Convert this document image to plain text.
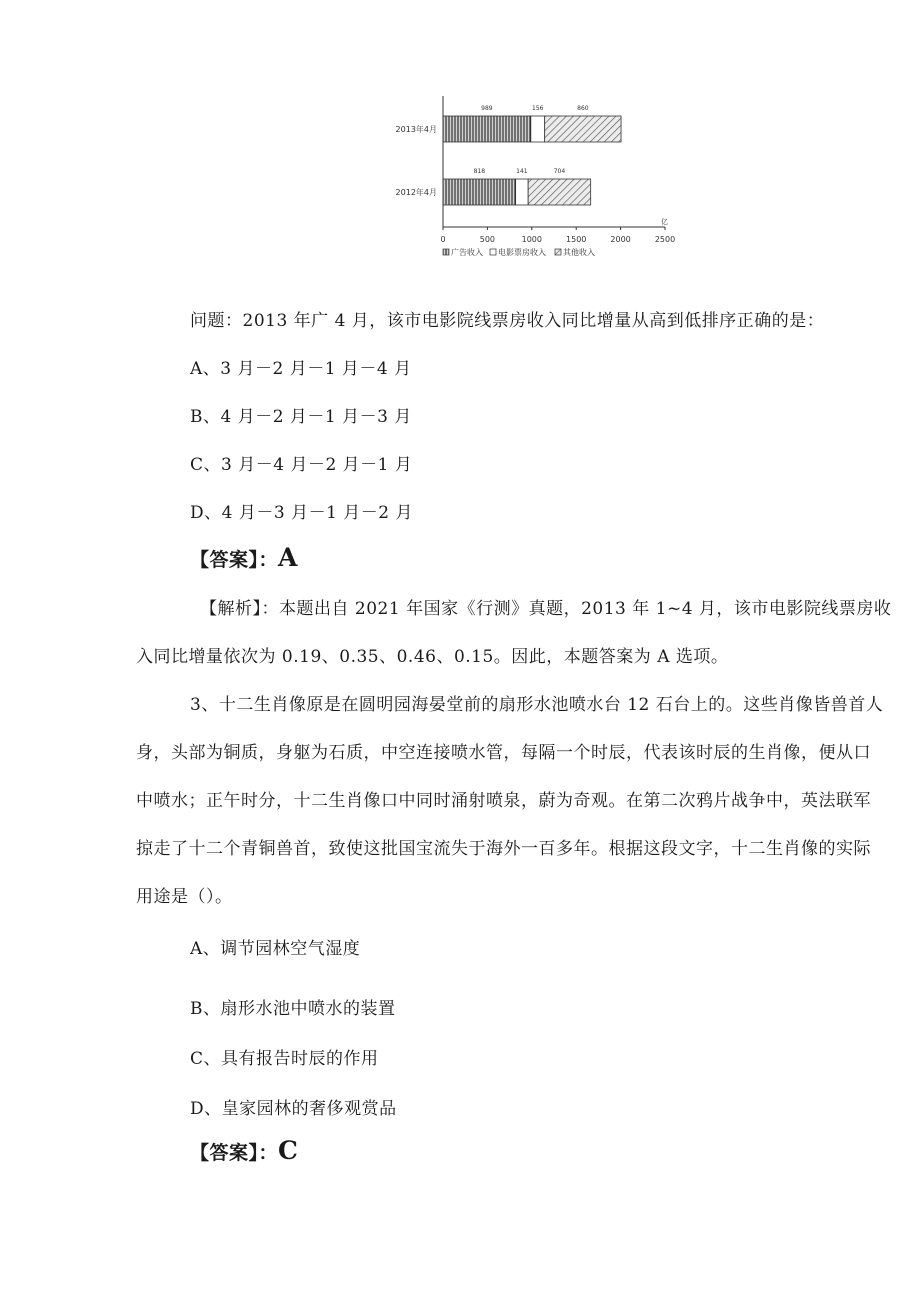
0	500	1000	1500	2000	2500
亿
2013年4月
989	156	860
2012年4月
818	141	704
广告收入 电影票房收入 其他收入
问题：2013 年广 4 月，该市电影院线票房收入同比增量从高到低排序正确的是：
A、3 月－2 月－1 月－4 月
B、4 月－2 月－1 月－3 月
C、3 月－4 月－2 月－1 月
D、4 月－3 月－1 月－2 月
【答案】：A
【解析】：本题出自 2021 年国家《行测》真题，2013 年 1~4 月，该市电影院线票房收
入同比增量依次为 0.19、0.35、0.46、0.15。因此，本题答案为 A 选项。
3、十二生肖像原是在圆明园海晏堂前的扇形水池喷水台 12 石台上的。这些肖像皆兽首人
身，头部为铜质，身躯为石质，中空连接喷水管，每隔一个时辰，代表该时辰的生肖像，便从口
中喷水；正午时分，十二生肖像口中同时涌射喷泉，蔚为奇观。在第二次鸦片战争中，英法联军
掠走了十二个青铜兽首，致使这批国宝流失于海外一百多年。根据这段文字，十二生肖像的实际
用途是（）。
A、调节园林空气湿度
B、扇形水池中喷水的装置
C、具有报告时辰的作用
D、皇家园林的奢侈观赏品
【答案】：C
